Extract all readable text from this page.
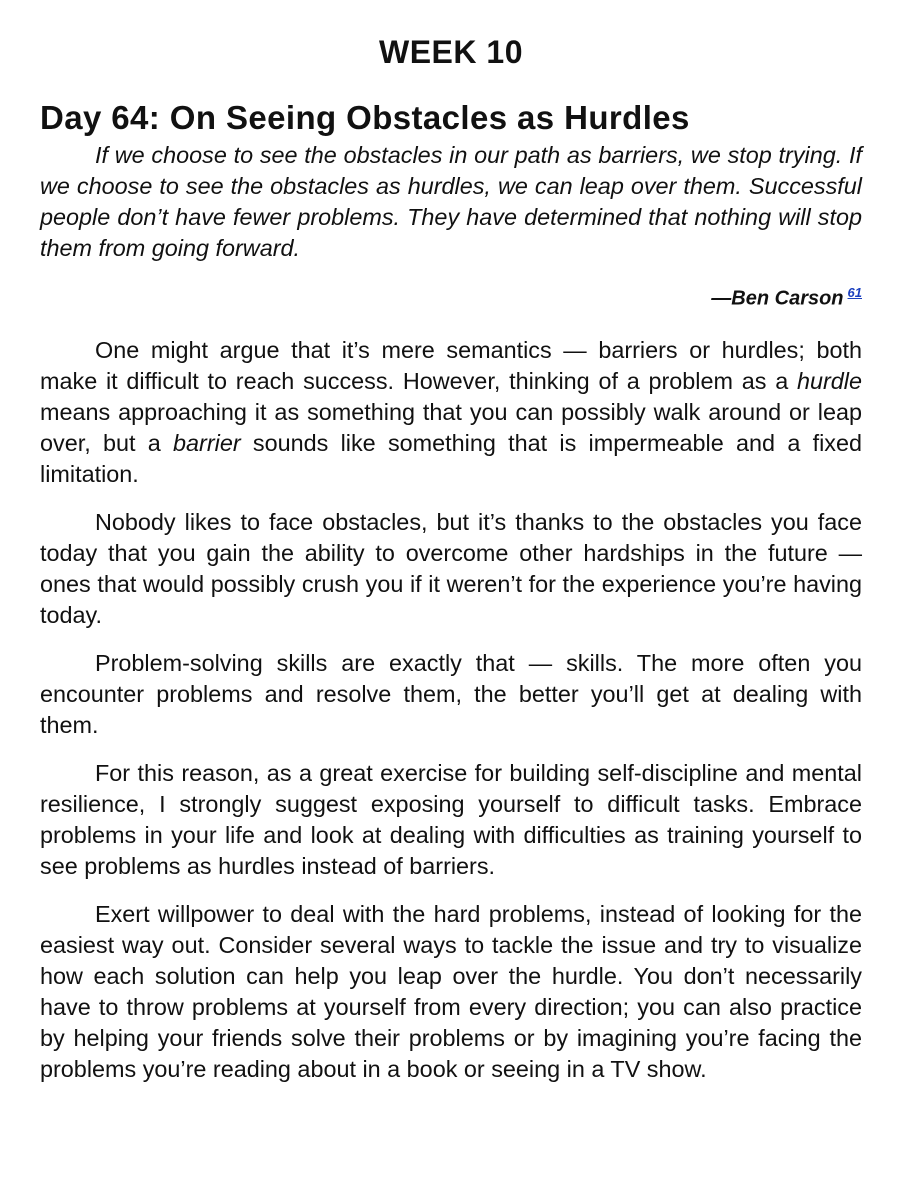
WEEK 10
Day 64: On Seeing Obstacles as Hurdles

If we choose to see the obstacles in our path as barriers, we stop trying. If we choose to see the obstacles as hurdles, we can leap over them. Successful people don’t have fewer problems. They have determined that nothing will stop them from going forward.

—Ben Carson $^{61}$

One might argue that it’s mere semantics — barriers or hurdles; both make it difficult to reach success. However, thinking of a problem as a hurdle means approaching it as something that you can possibly walk around or leap over, but a barrier sounds like something that is impermeable and a fixed limitation.

Nobody likes to face obstacles, but it’s thanks to the obstacles you face today that you gain the ability to overcome other hardships in the future — ones that would possibly crush you if it weren’t for the experience you’re having today.

Problem-solving skills are exactly that — skills. The more often you encounter problems and resolve them, the better you’ll get at dealing with them.

For this reason, as a great exercise for building self-discipline and mental resilience, I strongly suggest exposing yourself to difficult tasks. Embrace problems in your life and look at dealing with difficulties as training yourself to see problems as hurdles instead of barriers.

Exert willpower to deal with the hard problems, instead of looking for the easiest way out. Consider several ways to tackle the issue and try to visualize how each solution can help you leap over the hurdle. You don’t necessarily have to throw problems at yourself from every direction; you can also practice by helping your friends solve their problems or by imagining you’re facing the problems you’re reading about in a book or seeing in a TV show.
